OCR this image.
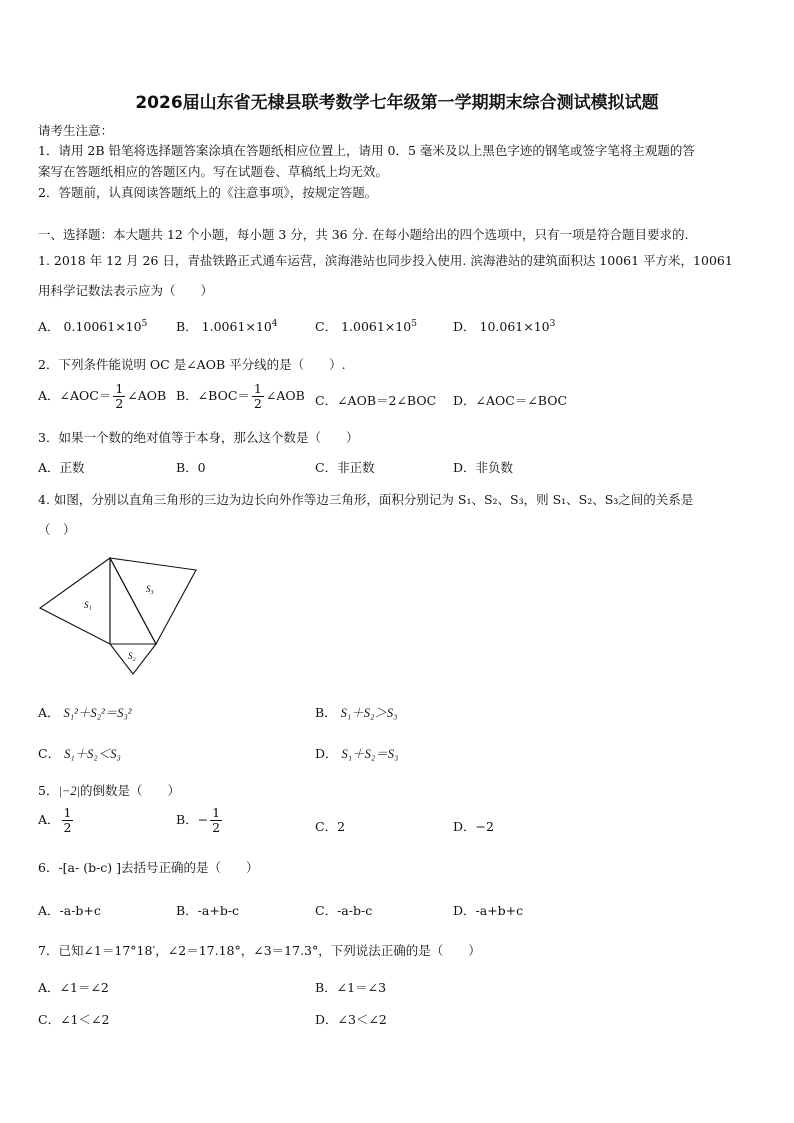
2026届山东省无棣县联考数学七年级第一学期期末综合测试模拟试题
请考生注意：
1．请用 2B 铅笔将选择题答案涂填在答题纸相应位置上，请用 0．5 毫米及以上黑色字迹的钢笔或签字笔将主观题的答
案写在答题纸相应的答题区内。写在试题卷、草稿纸上均无效。
2．答题前，认真阅读答题纸上的《注意事项》，按规定答题。
一、选择题：本大题共 12 个小题，每小题 3 分，共 36 分. 在每小题给出的四个选项中，只有一项是符合题目要求的.
1. 2018 年 12 月 26 日，青盐铁路正式通车运营，滨海港站也同步投入使用. 滨海港站的建筑面积达 10061 平方米，10061
用科学记数法表示应为（　　）
A． $0.10061\times 10^5$ B． $1.0061\times 10^4$	C． $1.0061\times 10^5$	D． $10.061\times 10^3$
2．下列条件能说明 OC 是∠AOB 平分线的是（　　）.
A．∠AOC＝ $\frac{1}{2}$ ∠AOB B．∠BOC＝ $\frac{1}{2}$ ∠AOB C．∠AOB＝2∠BOC D．∠AOC＝∠BOC
3．如果一个数的绝对值等于本身，那么这个数是（　　）
A．正数	B．0	C．非正数	D．非负数
4. 如图，分别以直角三角形的三边为边长向外作等边三角形，面积分别记为 S₁、S₂、S₃，则 S₁、S₂、S₃之间的关系是
（　）
S₁
S₃
S₂
A． S₁²＋S₂²＝S₃²	B． S₁＋S₂＞S₃
C． S₁＋S₂＜S₃	D． S₁＋S₂＝S₃
5．|−2|的倒数是（　　）
A． $\frac{1}{2}$	B．− $\frac{1}{2}$	C．2	D．−2
6．-[a- (b-c) ]去括号正确的是（　　）
A．-a-b+c	B．-a+b-c	C．-a-b-c	D．-a+b+c
7．已知∠1＝17°18′，∠2＝17.18°，∠3＝17.3°，下列说法正确的是（　　）
A．∠1＝∠2	B．∠1＝∠3
C．∠1＜∠2	D．∠3＜∠2
